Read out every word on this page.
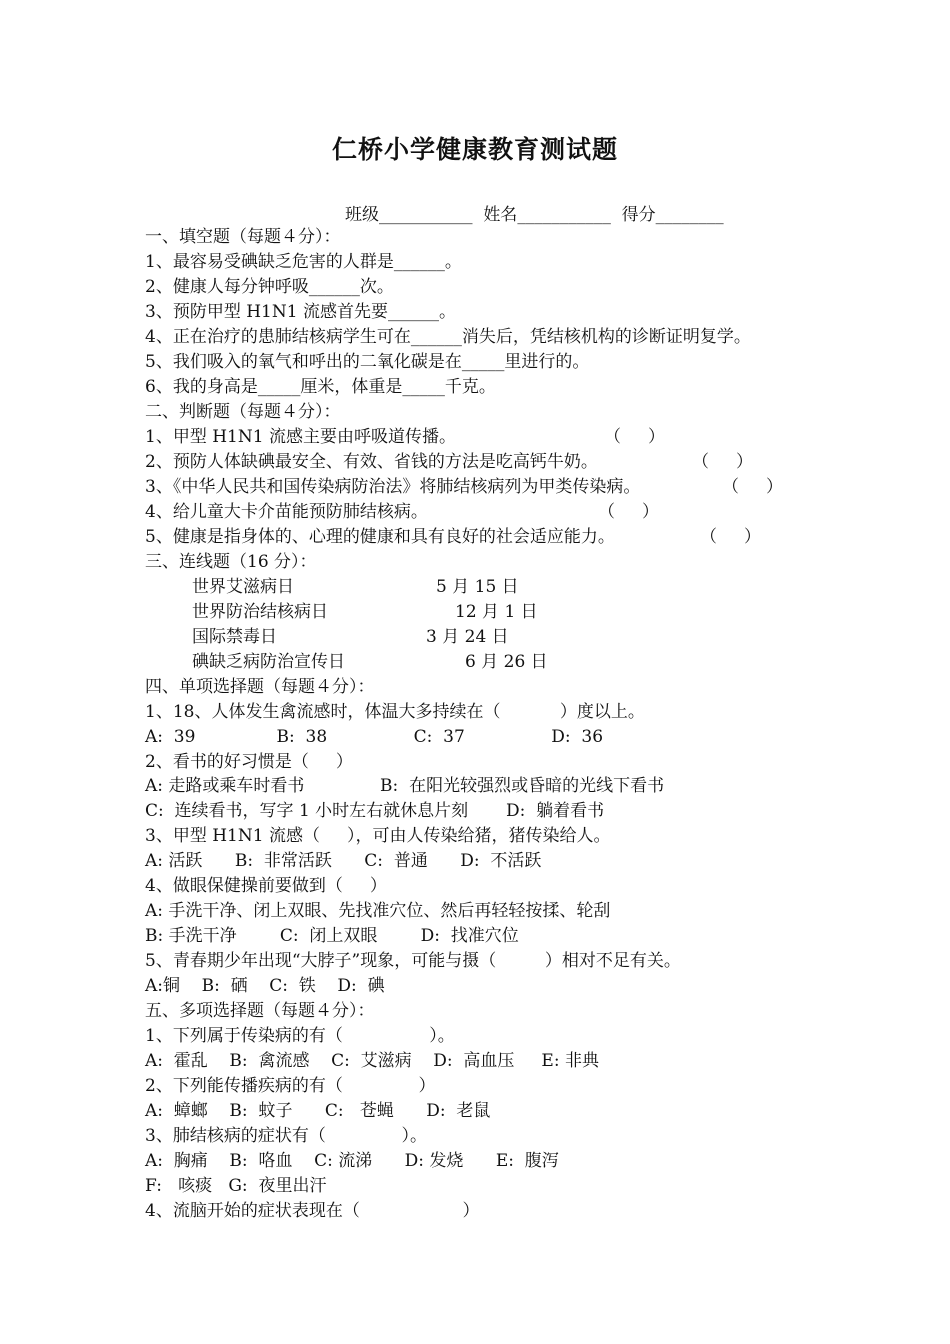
仁桥小学健康教育测试题
班级___________ 姓名___________ 得分________
一、填空题（每题４分）：
1、最容易受碘缺乏危害的人群是______。
2、健康人每分钟呼吸______次。
3、预防甲型 H1N1 流感首先要______。
4、正在治疗的患肺结核病学生可在______消失后，凭结核机构的诊断证明复学。
5、我们吸入的氧气和呼出的二氧化碳是在_____里进行的。
6、我的身高是_____厘米，体重是_____千克。
二、判断题（每题４分）：
1、甲型 H1N1 流感主要由呼吸道传播。	（     ）
2、预防人体缺碘最安全、有效、省钱的方法是吃高钙牛奶。	（     ）
3、《中华人民共和国传染病防治法》将肺结核病列为甲类传染病。	（     ）
4、给儿童大卡介苗能预防肺结核病。	（     ）
5、健康是指身体的、心理的健康和具有良好的社会适应能力。	（     ）
三、连线题（16 分）：
世界艾滋病日	5 月 15 日
世界防治结核病日	12 月 1 日
国际禁毒日	3 月 24 日
碘缺乏病防治宣传日	6 月 26 日
四、单项选择题（每题４分）：
1、18、人体发生禽流感时，体温大多持续在（           ）度以上。
A:  39               B:  38                C:  37                D:  36
2、看书的好习惯是（     ）
A: 走路或乘车时看书              B:  在阳光较强烈或昏暗的光线下看书
C:  连续看书，写字 1 小时左右就休息片刻       D:  躺着看书
3、甲型 H1N1 流感（     ），可由人传染给猪，猪传染给人。
A: 活跃      B:  非常活跃      C:  普通      D:  不活跃
4、做眼保健操前要做到（     ）
A: 手洗干净、闭上双眼、先找准穴位、然后再轻轻按揉、轮刮
B: 手洗干净        C:  闭上双眼        D:  找准穴位
5、青春期少年出现“大脖子”现象，可能与摄（         ）相对不足有关。
A:铜    B:  硒    C:  铁    D:  碘
五、多项选择题（每题４分）：
1、下列属于传染病的有（                ）。
A:  霍乱    B:  禽流感    C:  艾滋病    D:  高血压     E: 非典
2、下列能传播疾病的有（              ）
A:  蟑螂    B:  蚊子      C:   苍蝇      D:  老鼠
3、肺结核病的症状有（              ）。
A:  胸痛    B:  咯血    C: 流涕      D: 发烧      E:  腹泻
F:   咳痰   G:  夜里出汗
4、流脑开始的症状表现在（                   ）
